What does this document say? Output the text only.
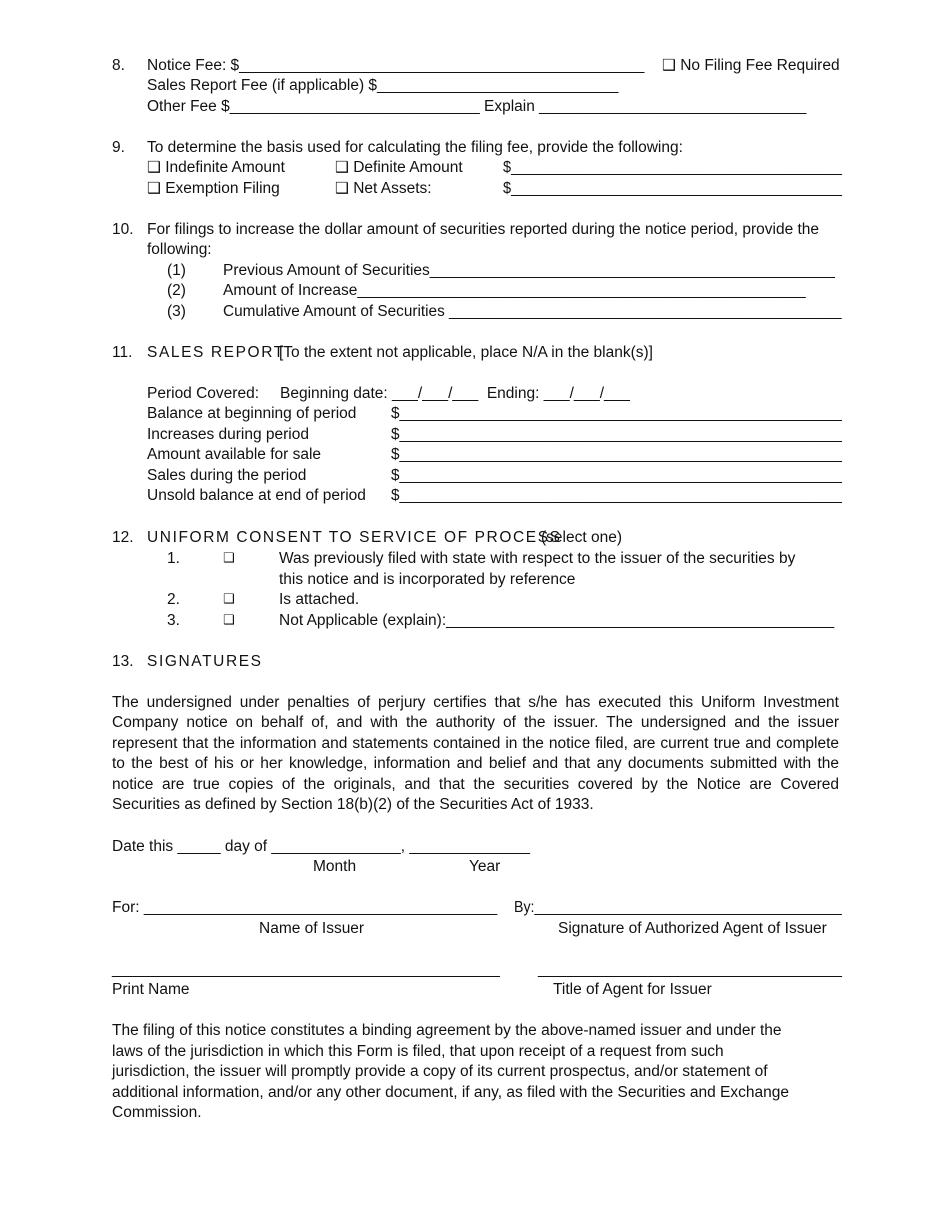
8. Notice Fee: $_______________________________________________ ❑ No Filing Fee Required
Sales Report Fee (if applicable) $____________________________
Other Fee $_____________________________ Explain _______________________________
9. To determine the basis used for calculating the filing fee, provide the following:
❑ Indefinite Amount	❑ Definite Amount	$_________________________________________
❑ Exemption Filing	❑ Net Assets:	$_________________________________________
10. For filings to increase the dollar amount of securities reported during the notice period, provide the
following:
(1) Previous Amount of Securities_______________________________________________
(2) Amount of Increase____________________________________________________
(3) Cumulative Amount of Securities ______________________________________________
11. SALES REPORT
[To the extent not applicable, place N/A in the blank(s)]
Period Covered: Beginning date: ___/___/___  Ending: ___/___/___
Balance at beginning of period $____________________________________________________
Increases during period	$____________________________________________________
Amount available for sale	$____________________________________________________
Sales during the period	$____________________________________________________
Unsold balance at end of period $____________________________________________________
12. UNIFORM CONSENT TO SERVICE OF PROCESS
(select one)
1.	❑	Was previously filed with state with respect to the issuer of the securities by
this notice and is incorporated by reference
2.	❑	Is attached.
3.	❑	Not Applicable (explain):_____________________________________________
13. SIGNATURES

The undersigned under penalties of perjury certifies that s/he has executed this Uniform Investment Company notice on behalf of, and with the authority of the issuer. The undersigned and the issuer represent that the information and statements contained in the notice filed, are current true and complete to the best of his or her knowledge, information and belief and that any documents submitted with the notice are true copies of the originals, and that the securities covered by the Notice are Covered Securities as defined by Section 18(b)(2) of the Securities Act of 1933.

Date this _____ day of _______________, ______________
Month	Year
For: _________________________________________ By:_______________________________________
Name of Issuer	Signature of Authorized Agent of Issuer
_____________________________________________ _____________________________________
Print Name	Title of Agent for Issuer
The filing of this notice constitutes a binding agreement by the above-named issuer and under the
laws of the jurisdiction in which this Form is filed, that upon receipt of a request from such
jurisdiction, the issuer will promptly provide a copy of its current prospectus, and/or statement of
additional information, and/or any other document, if any, as filed with the Securities and Exchange
Commission.
